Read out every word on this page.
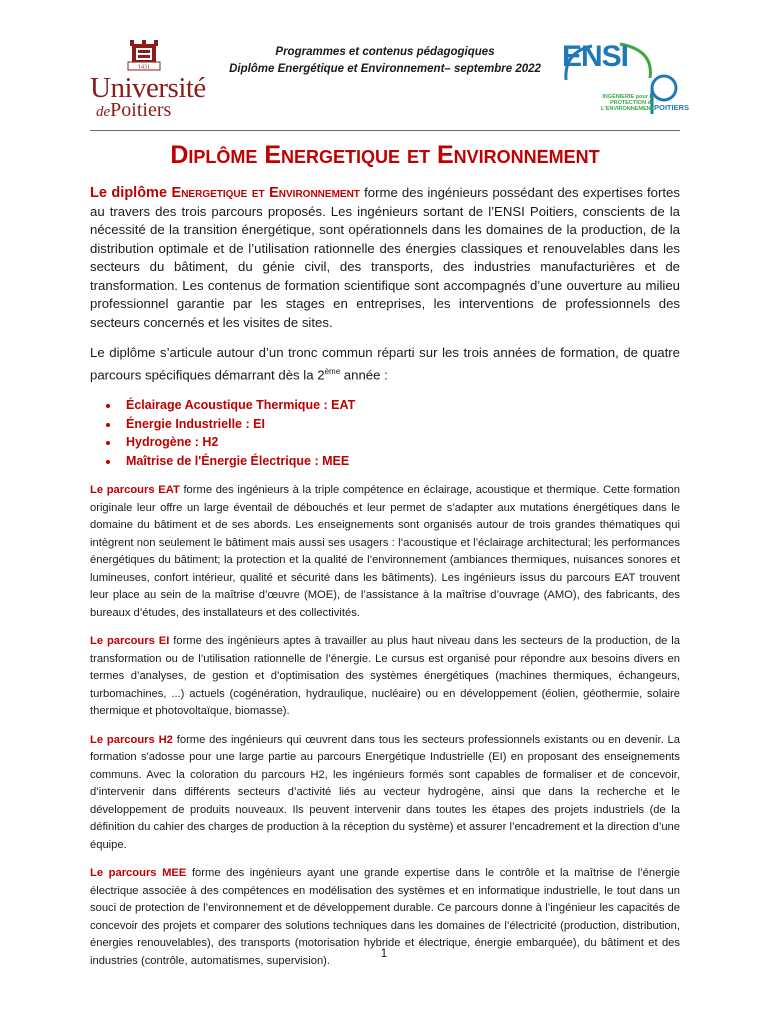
1431
Université
dePoitiers
Programmes et contenus pédagogiques
Diplôme Energétique et Environnement– septembre 2022 ENSI
INGÉNIERIE pour la PROTECTION de L'ENVIRONNEMENT POITIERS
Diplôme Energetique et Environnement

Le diplôme Energetique et Environnement forme des ingénieurs possédant des expertises fortes au travers des trois parcours proposés. Les ingénieurs sortant de l’ENSI Poitiers, conscients de la nécessité de la transition énergétique, sont opérationnels dans les domaines de la production, de la distribution optimale et de l’utilisation rationnelle des énergies classiques et renouvelables dans les secteurs du bâtiment, du génie civil, des transports, des industries manufacturières et de transformation. Les contenus de formation scientifique sont accompagnés d’une ouverture au milieu professionnel garantie par les stages en entreprises, les interventions de professionnels des secteurs concernés et les visites de sites.

Le diplôme s’articule autour d’un tronc commun réparti sur les trois années de formation, de quatre parcours spécifiques démarrant dès la 2ème année :

• Éclairage Acoustique Thermique : EAT
• Énergie Industrielle : EI
• Hydrogène : H2
• Maîtrise de l'Énergie Électrique : MEE

Le parcours EAT forme des ingénieurs à la triple compétence en éclairage, acoustique et thermique. Cette formation originale leur offre un large éventail de débouchés et leur permet de s’adapter aux mutations énergétiques dans le domaine du bâtiment et de ses abords. Les enseignements sont organisés autour de trois grandes thématiques qui intègrent non seulement le bâtiment mais aussi ses usagers : l’acoustique et l’éclairage architectural; les performances énergétiques du bâtiment; la protection et la qualité de l’environnement (ambiances thermiques, nuisances sonores et lumineuses, confort intérieur, qualité et sécurité dans les bâtiments). Les ingénieurs issus du parcours EAT trouvent leur place au sein de la maîtrise d’œuvre (MOE), de l’assistance à la maîtrise d’ouvrage (AMO), des fabricants, des bureaux d’études, des installateurs et des collectivités.

Le parcours EI forme des ingénieurs aptes à travailler au plus haut niveau dans les secteurs de la production, de la transformation ou de l’utilisation rationnelle de l’énergie. Le cursus est organisé pour répondre aux besoins divers en termes d’analyses, de gestion et d’optimisation des systèmes énergétiques (machines thermiques, échangeurs, turbomachines, ...) actuels (cogénération, hydraulique, nucléaire) ou en développement (éolien, géothermie, solaire thermique et photovoltaïque, biomasse).

Le parcours H2 forme des ingénieurs qui œuvrent dans tous les secteurs professionnels existants ou en devenir. La formation s'adosse pour une large partie au parcours Energétique Industrielle (EI) en proposant des enseignements communs. Avec la coloration du parcours H2, les ingénieurs formés sont capables de formaliser et de concevoir, d’intervenir dans différents secteurs d’activité liés au vecteur hydrogène, ainsi que dans la recherche et le développement de produits nouveaux. Ils peuvent intervenir dans toutes les étapes des projets industriels (de la définition du cahier des charges de production à la réception du système) et assurer l’encadrement et la direction d’une équipe.

Le parcours MEE forme des ingénieurs ayant une grande expertise dans le contrôle et la maîtrise de l’énergie électrique associée à des compétences en modélisation des systèmes et en informatique industrielle, le tout dans un souci de protection de l’environnement et de développement durable. Ce parcours donne à l’ingénieur les capacités de concevoir des projets et comparer des solutions techniques dans les domaines de l’électricité (production, distribution, énergies renouvelables), des transports (motorisation hybride et électrique, énergie embarquée), du bâtiment et des industries (contrôle, automatismes, supervision).

1
